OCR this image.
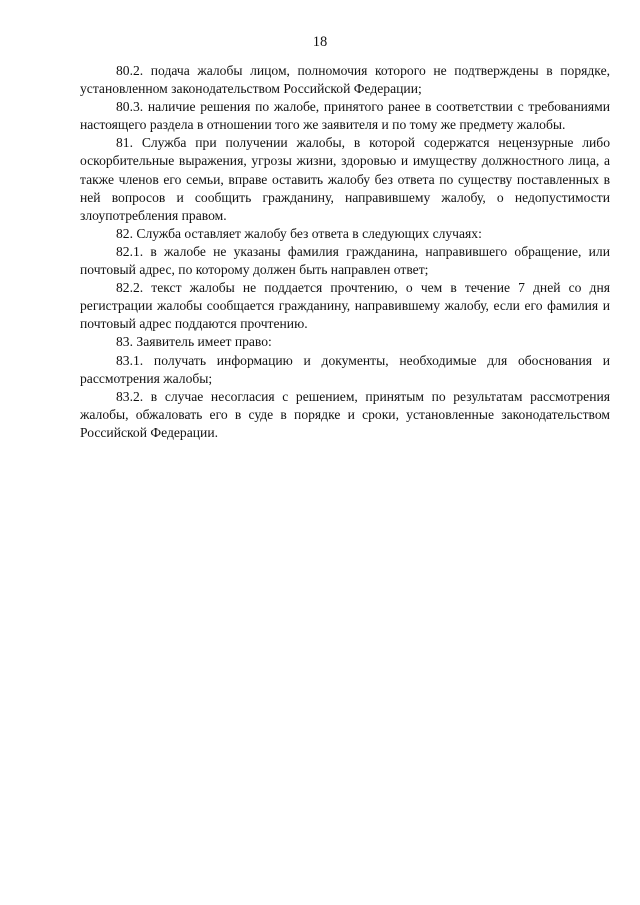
18

80.2. подача жалобы лицом, полномочия которого не подтверждены в порядке, установленном законодательством Российской Федерации;

80.3. наличие решения по жалобе, принятого ранее в соответствии с требованиями настоящего раздела в отношении того же заявителя и по тому же предмету жалобы.

81. Служба при получении жалобы, в которой содержатся нецензурные либо оскорбительные выражения, угрозы жизни, здоровью и имуществу должностного лица, а также членов его семьи, вправе оставить жалобу без ответа по существу поставленных в ней вопросов и сообщить гражданину, направившему жалобу, о недопустимости злоупотребления правом.

82. Служба оставляет жалобу без ответа в следующих случаях:

82.1. в жалобе не указаны фамилия гражданина, направившего обращение, или почтовый адрес, по которому должен быть направлен ответ;

82.2. текст жалобы не поддается прочтению, о чем в течение 7 дней со дня регистрации жалобы сообщается гражданину, направившему жалобу, если его фамилия и почтовый адрес поддаются прочтению.

83. Заявитель имеет право:

83.1. получать информацию и документы, необходимые для обоснования и рассмотрения жалобы;

83.2. в случае несогласия с решением, принятым по результатам рассмотрения жалобы, обжаловать его в суде в порядке и сроки, установленные законодательством Российской Федерации.
